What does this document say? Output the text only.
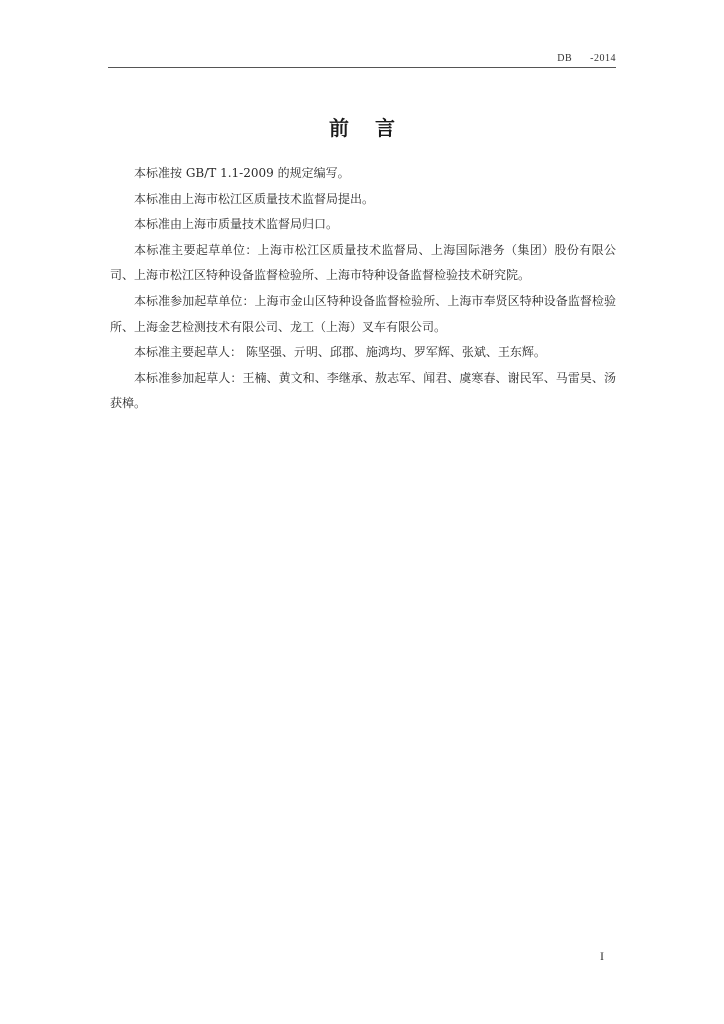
DB      -2014
前言

本标准按 GB/T 1.1-2009 的规定编写。

本标准由上海市松江区质量技术监督局提出。

本标准由上海市质量技术监督局归口。

本标准主要起草单位：上海市松江区质量技术监督局、上海国际港务（集团）股份有限公司、上海市松江区特种设备监督检验所、上海市特种设备监督检验技术研究院。

本标准参加起草单位：上海市金山区特种设备监督检验所、上海市奉贤区特种设备监督检验所、上海金艺检测技术有限公司、龙工（上海）叉车有限公司。

本标准主要起草人： 陈坚强、亓明、邱郡、施鸿均、罗军辉、张斌、王东辉。

本标准参加起草人：王楠、黄文和、李继承、敖志军、闻君、虞寒春、谢民军、马雷昊、汤获樟。

I
